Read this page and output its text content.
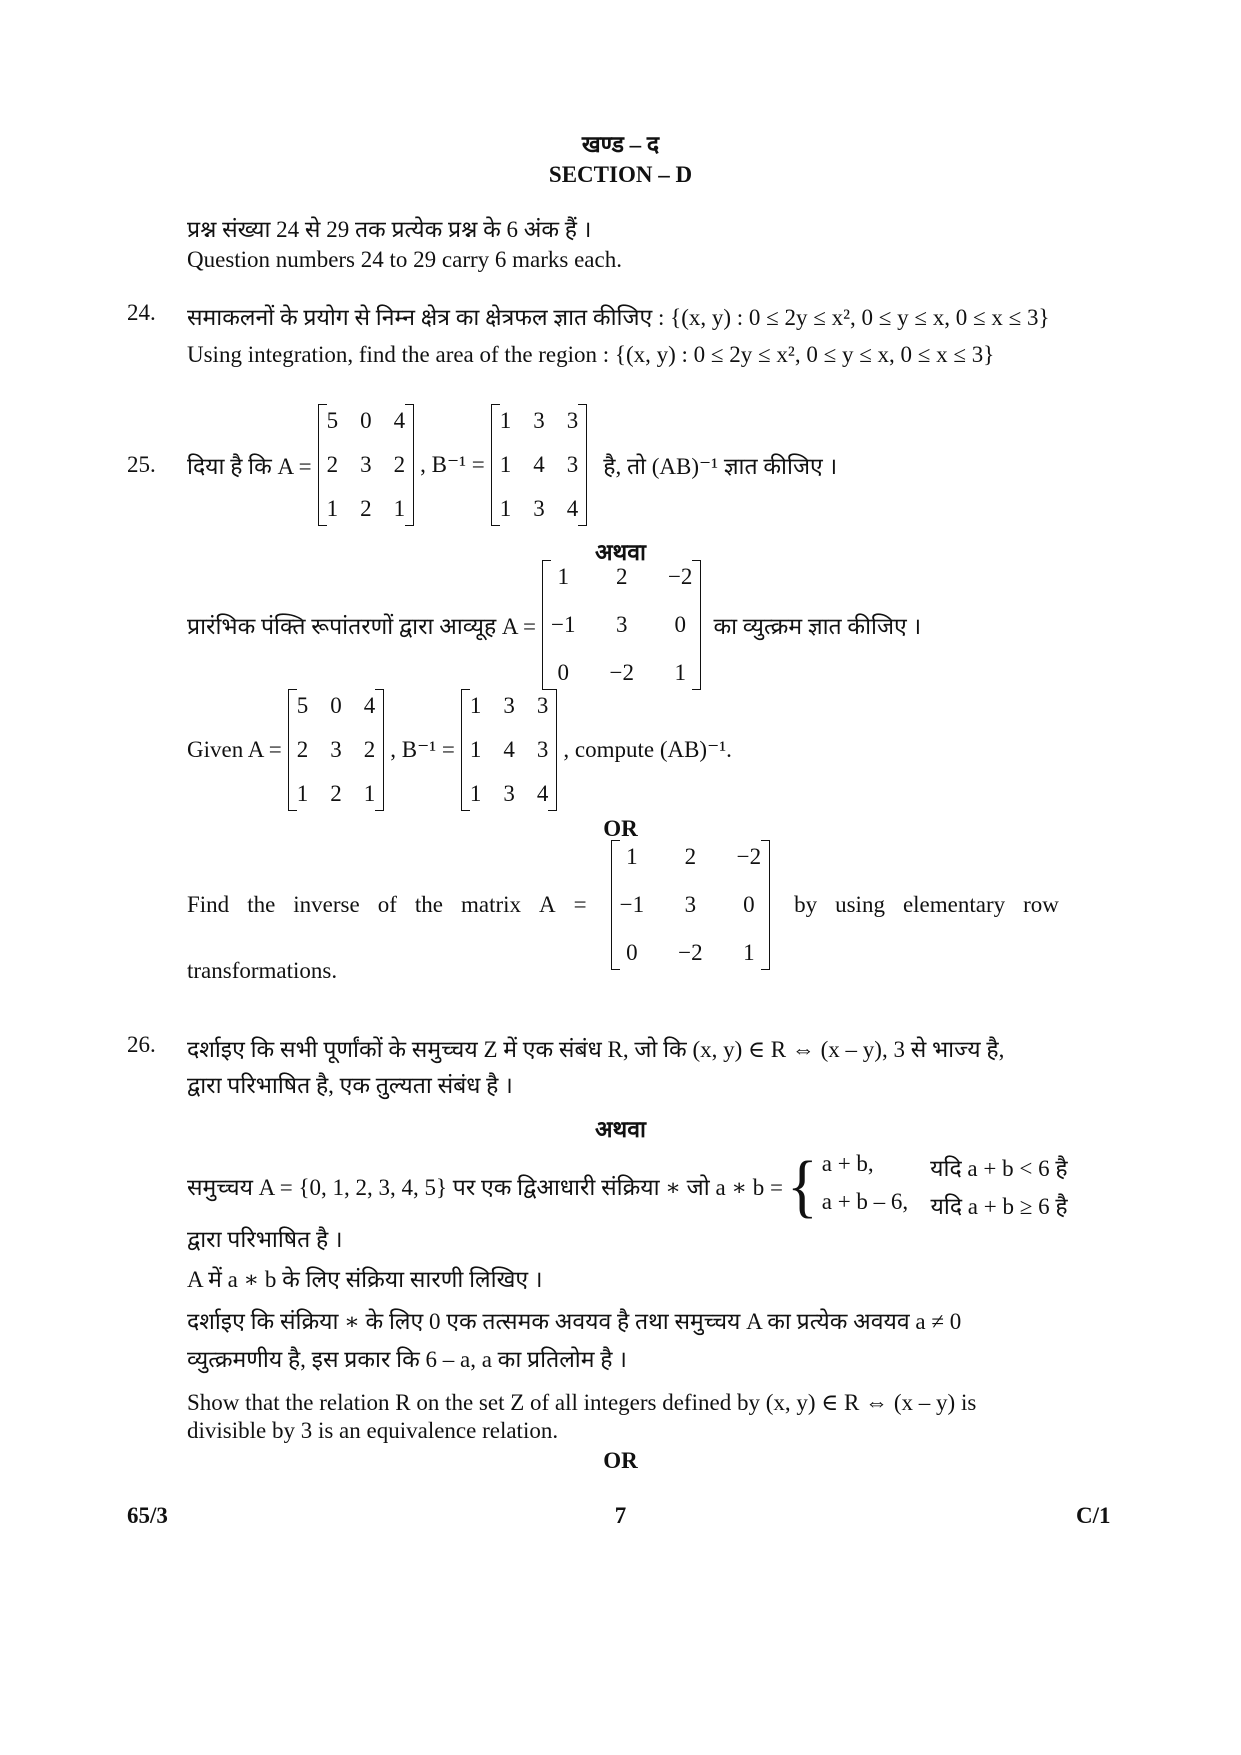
खण्ड – द
SECTION – D
प्रश्न संख्या 24 से 29 तक प्रत्येक प्रश्न के 6 अंक हैं ।
Question numbers 24 to 29 carry 6 marks each.
24. समाकलनों के प्रयोग से निम्न क्षेत्र का क्षेत्रफल ज्ञात कीजिए : {(x, y) : 0 ≤ 2y ≤ x², 0 ≤ y ≤ x, 0 ≤ x ≤ 3}
Using integration, find the area of the region : {(x, y) : 0 ≤ 2y ≤ x², 0 ≤ y ≤ x, 0 ≤ x ≤ 3}
25. दिया है कि A =
5 0 4
2 3 2
1 2 1
, B⁻¹ =
1 3 3
1 4 3
1 3 4
है, तो (AB)⁻¹ ज्ञात कीजिए ।
अथवा
प्रारंभिक पंक्ति रूपांतरणों द्वारा आव्यूह A =
1 2 −2
−1 3 0
0 −2 1
का व्युत्क्रम ज्ञात कीजिए ।
Given A =
5 0 4
2 3 2
1 2 1
, B⁻¹ =
1 3 3
1 4 3
1 3 4
, compute (AB)⁻¹.
OR
Find the inverse of the matrix A =
1 2 −2
−1 3 0
0 −2 1
by using elementary row
transformations.
26. दर्शाइए कि सभी पूर्णांकों के समुच्चय Z में एक संबंध R, जो कि (x, y) ∈ R ⇔ (x – y), 3 से भाज्य है,
द्वारा परिभाषित है, एक तुल्यता संबंध है ।
अथवा
समुच्चय A = {0, 1, 2, 3, 4, 5} पर एक द्विआधारी संक्रिया ∗ जो a ∗ b = { a + b,	यदि a + b < 6 है
a + b – 6, यदि a + b ≥ 6 है
द्वारा परिभाषित है ।
A में a ∗ b के लिए संक्रिया सारणी लिखिए ।
दर्शाइए कि संक्रिया ∗ के लिए 0 एक तत्समक अवयव है तथा समुच्चय A का प्रत्येक अवयव a ≠ 0
व्युत्क्रमणीय है, इस प्रकार कि 6 – a, a का प्रतिलोम है ।
Show that the relation R on the set Z of all integers defined by (x, y) ∈ R ⇔ (x – y) is
divisible by 3 is an equivalence relation.
OR
65/3	7	C/1
